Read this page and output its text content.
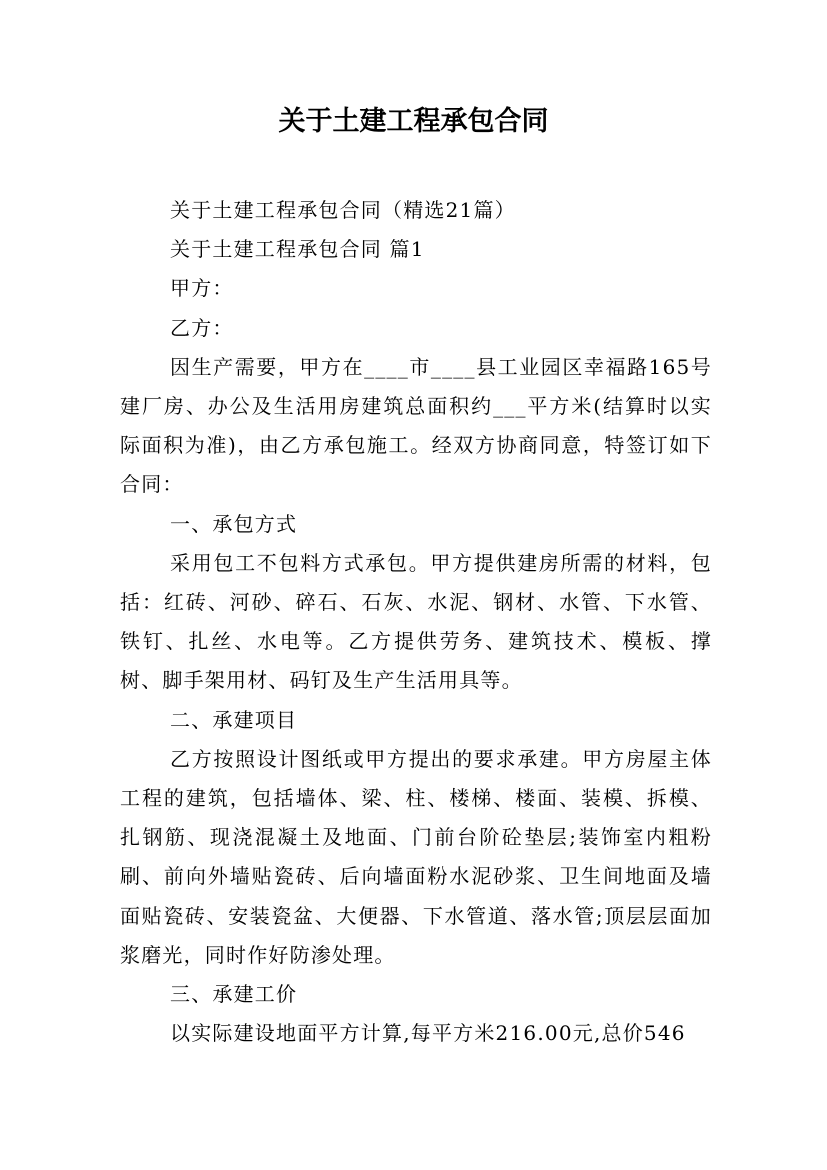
关于土建工程承包合同

关于土建工程承包合同（精选21篇）

关于土建工程承包合同 篇1

甲方：

乙方：

因生产需要，甲方在____市____县工业园区幸福路165号建厂房、办公及生活用房建筑总面积约___平方米(结算时以实际面积为准)，由乙方承包施工。经双方协商同意，特签订如下合同：

一、承包方式

采用包工不包料方式承包。甲方提供建房所需的材料，包括：红砖、河砂、碎石、石灰、水泥、钢材、水管、下水管、铁钉、扎丝、水电等。乙方提供劳务、建筑技术、模板、撑树、脚手架用材、码钉及生产生活用具等。

二、承建项目

乙方按照设计图纸或甲方提出的要求承建。甲方房屋主体工程的建筑，包括墙体、梁、柱、楼梯、楼面、装模、拆模、扎钢筋、现浇混凝土及地面、门前台阶砼垫层;装饰室内粗粉刷、前向外墙贴瓷砖、后向墙面粉水泥砂浆、卫生间地面及墙面贴瓷砖、安装瓷盆、大便器、下水管道、落水管;顶层层面加浆磨光，同时作好防渗处理。

三、承建工价

以实际建设地面平方计算,每平方米216.00元,总价546
